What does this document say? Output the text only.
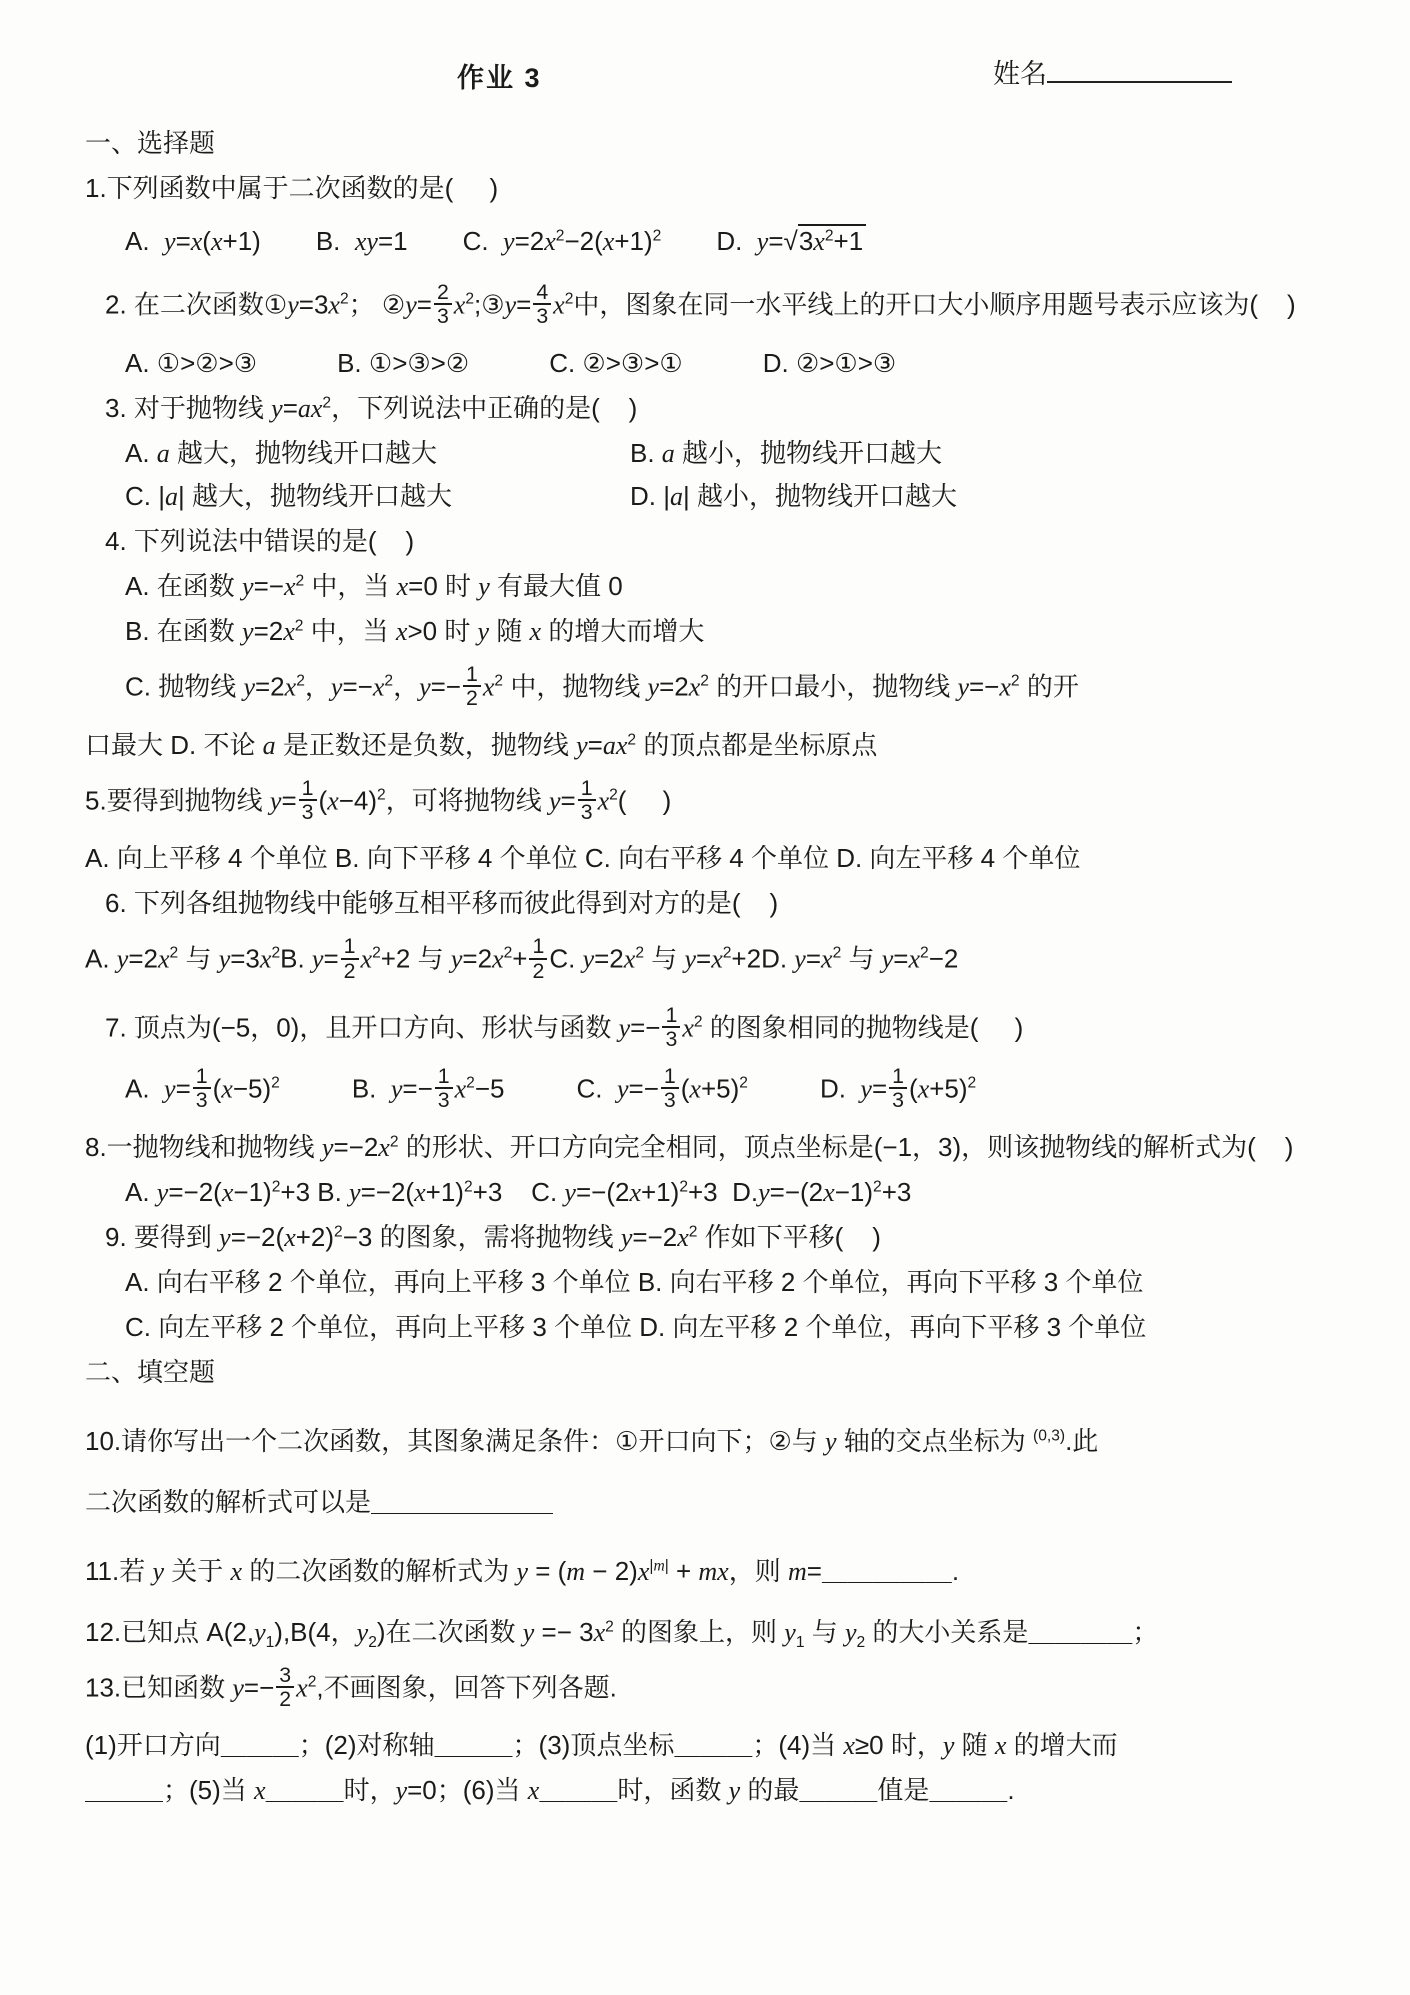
作业 3	姓名
一、选择题
1.下列函数中属于二次函数的是(     )
A.  y=x(x+1) B.  xy=1 C.  $y=2x^2-2(x+1)^2$ D.  $y=√3x^2+1$
2. 在二次函数$①y=3x^2$； ②y= $\frac{2}{3}$ $x^2;③y= \frac{4}{3} x^2$中，图象在同一水平线上的开口大小顺序用题号表示应该为(    )
A. ①>②>③	B. ①>③>②	C. ②>③>①	D. ②>①>③
3. 对于抛物线 $y=ax^2$，下列说法中正确的是(    )
A. a 越大，抛物线开口越大	B. a 越小，抛物线开口越大
C. |a| 越大，抛物线开口越大	D. |a| 越小，抛物线开口越大
4. 下列说法中错误的是(    )
A. 在函数 $y=-x^2$ 中，当 x=0 时 y 有最大值 0
B. 在函数 $y=2x^2$ 中，当 x>0 时 y 随 x 的增大而增大
C. 抛物线 $y=2x^2$，$y=-x^2$，$y=- \frac{1}{2} x^2$ 中，抛物线 $y=2x^2$ 的开口最小，抛物线 $y=-x^2$ 的开
口最大 D. 不论 a 是正数还是负数，抛物线 $y=ax^2$ 的顶点都是坐标原点
5.要得到抛物线 $y= \frac{1}{3} (x-4)^2$，可将抛物线 $y= \frac{1}{3} x^2$(     )
A. 向上平移 4 个单位 B. 向下平移 4 个单位 C. 向右平移 4 个单位 D. 向左平移 4 个单位
6. 下列各组抛物线中能够互相平移而彼此得到对方的是(    )
A. $y=2x^2$ 与 $y=3x^2B$. $y= \frac{1}{2} x^2+2$ 与 $y=2x^2+ \frac{1}{2} C$. $y=2x^2$ 与 $y=x^2+2D$. $y=x^2$ 与 $y=x^2-2$
7. 顶点为(−5，0)，且开口方向、形状与函数 $y=- \frac{1}{3} x^2$ 的图象相同的抛物线是(     )
A.  $y= \frac{1}{3} (x-5)^2$	B.  $y=- \frac{1}{3} x^2-5$	C.  $y=- \frac{1}{3} (x+5)^2$	D.  $y= \frac{1}{3} (x+5)^2$
8.一抛物线和抛物线 $y=-2x^2$ 的形状、开口方向完全相同，顶点坐标是(−1，3)，则该抛物线的解析式为(    )
A. $y=-2(x-1)^2+3$ B. $y=-2(x+1)^2+3$    C. $y=-(2x+1)^2+3$  $D.y=-(2x-1)^2+3$
9. 要得到 $y=-2(x+2)^2-3$ 的图象，需将抛物线 $y=-2x^2$ 作如下平移(    )
A. 向右平移 2 个单位，再向上平移 3 个单位 B. 向右平移 2 个单位，再向下平移 3 个单位
C. 向左平移 2 个单位，再向上平移 3 个单位 D. 向左平移 2 个单位，再向下平移 3 个单位
二、填空题
10.请你写出一个二次函数，其图象满足条件：①开口向下；②与 y 轴的交点坐标为 $^{(0,3)}$.此
二次函数的解析式可以是＿＿＿＿＿＿＿
11.若 y 关于 x 的二次函数的解析式为 $y = (m - 2)x^{|m|}$ + mx，则 m=＿＿＿＿＿.
12.已知点 $A(2,y_1),B(4$，$y_2$)在二次函数 $y =- 3x^2$ 的图象上，则 $y_1$ 与 $y_2$ 的大小关系是＿＿＿＿；
13.已知函数 $y=- \frac{3}{2} x^2$,不画图象，回答下列各题.
(1)开口方向＿＿＿；(2)对称轴＿＿＿；(3)顶点坐标＿＿＿；(4)当 x≥0 时，y 随 x 的增大而
＿＿＿；(5)当 x＿＿＿时，y=0；(6)当 x＿＿＿时，函数 y 的最＿＿＿值是＿＿＿.
